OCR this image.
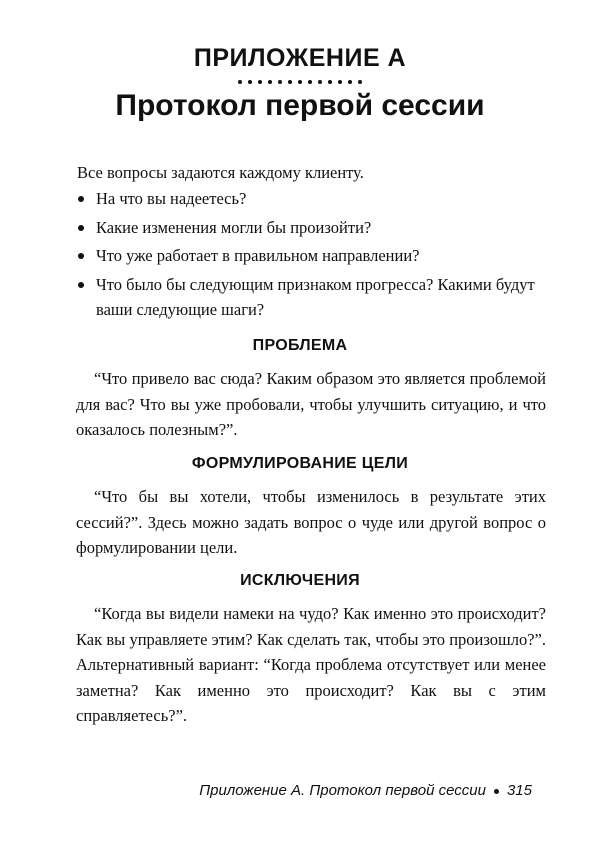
ПРИЛОЖЕНИЕ А
Протокол первой сессии
Все вопросы задаются каждому клиенту.
На что вы надеетесь?
Какие изменения могли бы произойти?
Что уже работает в правильном направлении?
Что было бы следующим признаком прогресса? Какими будут ваши следующие шаги?
ПРОБЛЕМА
“Что привело вас сюда? Каким образом это является проблемой для вас? Что вы уже пробовали, чтобы улучшить ситуацию, и что оказалось полезным?”.
ФОРМУЛИРОВАНИЕ ЦЕЛИ
“Что бы вы хотели, чтобы изменилось в результате этих сессий?”. Здесь можно задать вопрос о чуде или другой вопрос о формулировании цели.
ИСКЛЮЧЕНИЯ
“Когда вы видели намеки на чудо? Как именно это происходит? Как вы управляете этим? Как сделать так, чтобы это произошло?”. Альтернативный вариант: “Когда проблема отсутствует или менее заметна? Как именно это происходит? Как вы с этим справляетесь?”.
Приложение А. Протокол первой сессии 315
